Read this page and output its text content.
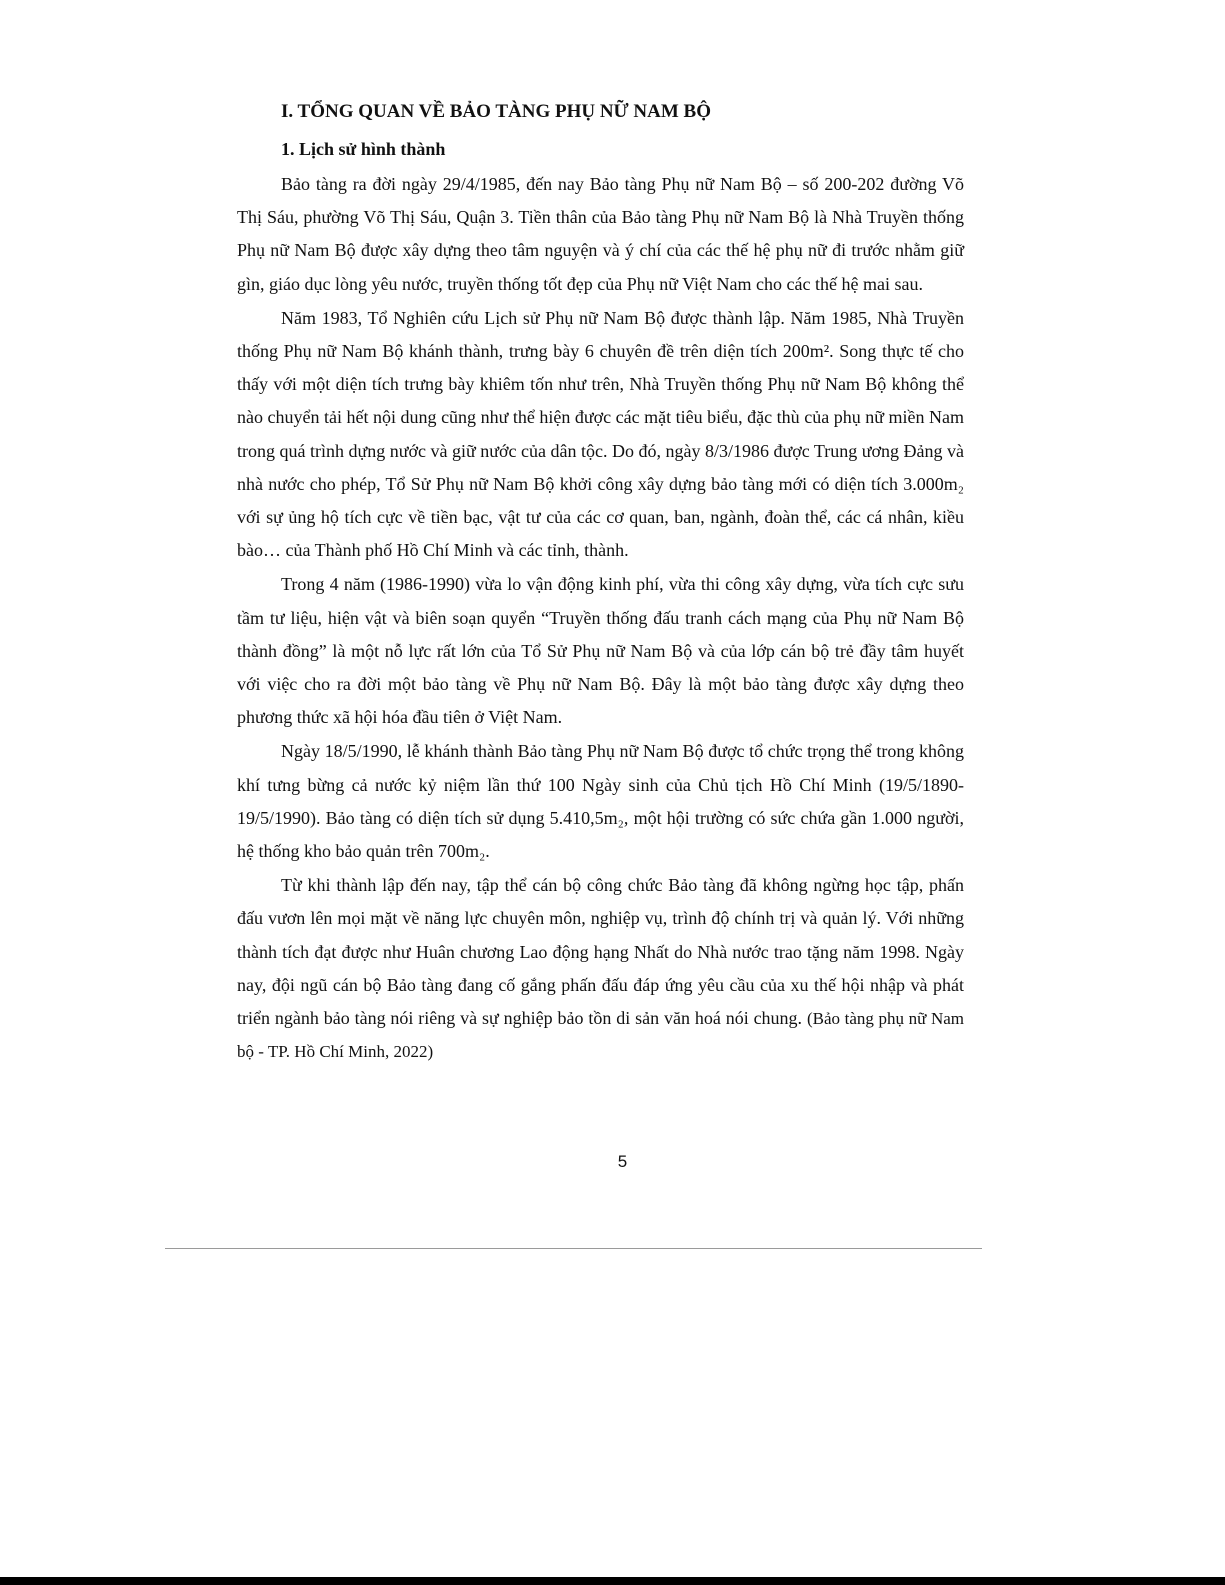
I. TỔNG QUAN VỀ BẢO TÀNG PHỤ NỮ NAM BỘ
1. Lịch sử hình thành

Bảo tàng ra đời ngày 29/4/1985, đến nay Bảo tàng Phụ nữ Nam Bộ – số 200-202 đường Võ Thị Sáu, phường Võ Thị Sáu, Quận 3. Tiền thân của Bảo tàng Phụ nữ Nam Bộ là Nhà Truyền thống Phụ nữ Nam Bộ được xây dựng theo tâm nguyện và ý chí của các thế hệ phụ nữ đi trước nhằm giữ gìn, giáo dục lòng yêu nước, truyền thống tốt đẹp của Phụ nữ Việt Nam cho các thế hệ mai sau.

Năm 1983, Tổ Nghiên cứu Lịch sử Phụ nữ Nam Bộ được thành lập. Năm 1985, Nhà Truyền thống Phụ nữ Nam Bộ khánh thành, trưng bày 6 chuyên đề trên diện tích 200m². Song thực tế cho thấy với một diện tích trưng bày khiêm tốn như trên, Nhà Truyền thống Phụ nữ Nam Bộ không thể nào chuyển tải hết nội dung cũng như thể hiện được các mặt tiêu biểu, đặc thù của phụ nữ miền Nam trong quá trình dựng nước và giữ nước của dân tộc. Do đó, ngày 8/3/1986 được Trung ương Đảng và nhà nước cho phép, Tổ Sử Phụ nữ Nam Bộ khởi công xây dựng bảo tàng mới có diện tích 3.000m₂ với sự ủng hộ tích cực về tiền bạc, vật tư của các cơ quan, ban, ngành, đoàn thể, các cá nhân, kiều bào… của Thành phố Hồ Chí Minh và các tỉnh, thành.

Trong 4 năm (1986-1990) vừa lo vận động kinh phí, vừa thi công xây dựng, vừa tích cực sưu tầm tư liệu, hiện vật và biên soạn quyển “Truyền thống đấu tranh cách mạng của Phụ nữ Nam Bộ thành đồng” là một nỗ lực rất lớn của Tổ Sử Phụ nữ Nam Bộ và của lớp cán bộ trẻ đầy tâm huyết với việc cho ra đời một bảo tàng về Phụ nữ Nam Bộ. Đây là một bảo tàng được xây dựng theo phương thức xã hội hóa đầu tiên ở Việt Nam.

Ngày 18/5/1990, lễ khánh thành Bảo tàng Phụ nữ Nam Bộ được tổ chức trọng thể trong không khí tưng bừng cả nước kỷ niệm lần thứ 100 Ngày sinh của Chủ tịch Hồ Chí Minh (19/5/1890-19/5/1990). Bảo tàng có diện tích sử dụng 5.410,5m₂, một hội trường có sức chứa gần 1.000 người, hệ thống kho bảo quản trên 700m₂.

Từ khi thành lập đến nay, tập thể cán bộ công chức Bảo tàng đã không ngừng học tập, phấn đấu vươn lên mọi mặt về năng lực chuyên môn, nghiệp vụ, trình độ chính trị và quản lý. Với những thành tích đạt được như Huân chương Lao động hạng Nhất do Nhà nước trao tặng năm 1998. Ngày nay, đội ngũ cán bộ Bảo tàng đang cố gắng phấn đấu đáp ứng yêu cầu của xu thế hội nhập và phát triển ngành bảo tàng nói riêng và sự nghiệp bảo tồn di sản văn hoá nói chung. (Bảo tàng phụ nữ Nam bộ - TP. Hồ Chí Minh, 2022)

5
